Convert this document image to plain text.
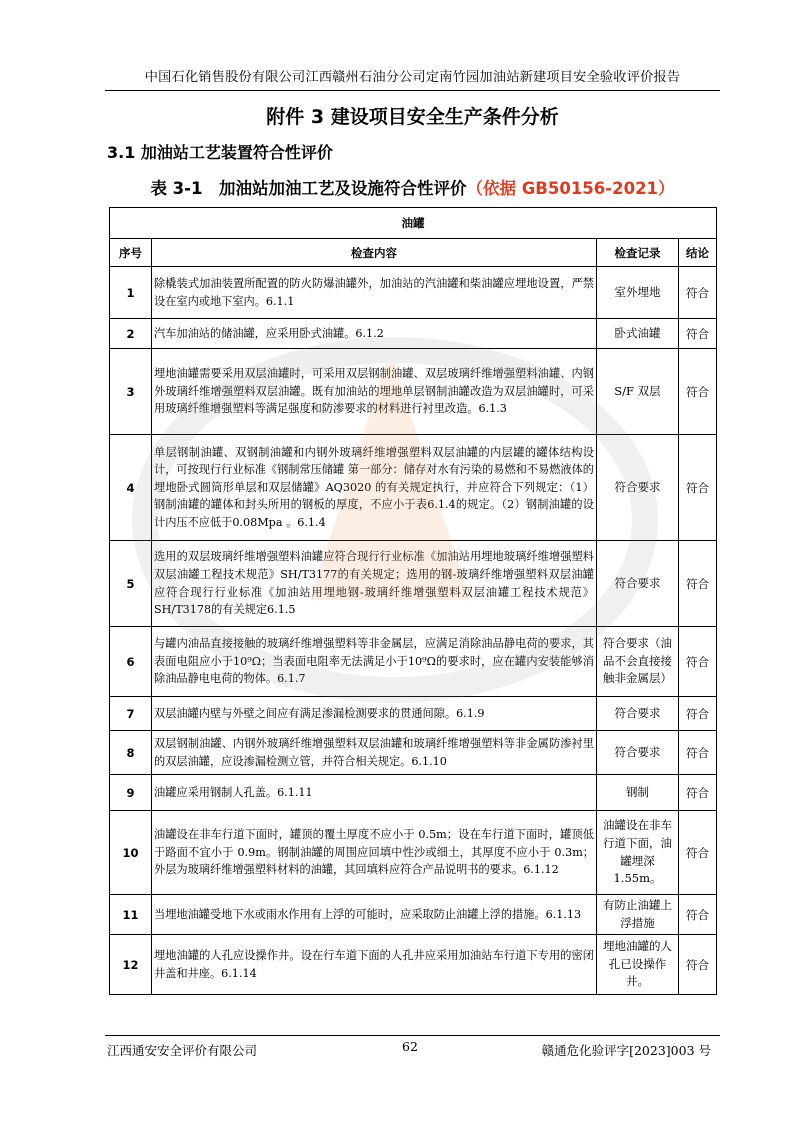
中国石化销售股份有限公司江西赣州石油分公司定南竹园加油站新建项目安全验收评价报告
附件 3 建设项目安全生产条件分析
3.1 加油站工艺装置符合性评价
表 3-1　加油站加油工艺及设施符合性评价（依据 GB50156-2021）
油罐			
序号	检查内容	检查记录	结论
1	除橇装式加油装置所配置的防火防爆油罐外，加油站的汽油罐和柴油罐应埋地设置，严禁设在室内或地下室内。6.1.1	室外埋地	符合
2	汽车加油站的储油罐，应采用卧式油罐。6.1.2	卧式油罐	符合
3	埋地油罐需要采用双层油罐时，可采用双层钢制油罐、双层玻璃纤维增强塑料油罐、内钢外玻璃纤维增强塑料双层油罐。既有加油站的埋地单层钢制油罐改造为双层油罐时，可采用玻璃纤维增强塑料等满足强度和防渗要求的材料进行衬里改造。6.1.3	S/F 双层	符合
4	单层钢制油罐、双钢制油罐和内钢外玻璃纤维增强塑料双层油罐的内层罐的罐体结构设计，可按现行行业标准《钢制常压储罐 第一部分：储存对水有污染的易燃和不易燃液体的埋地卧式圆筒形单层和双层储罐》AQ3020 的有关规定执行，并应符合下列规定：（1）钢制油罐的罐体和封头所用的钢板的厚度，不应小于表6.1.4的规定。（2）钢制油罐的设计内压不应低于0.08Mpa 。6.1.4	符合要求	符合
5	选用的双层玻璃纤维增强塑料油罐应符合现行行业标准《加油站用埋地玻璃纤维增强塑料双层油罐工程技术规范》SH/T3177的有关规定；选用的钢-玻璃纤维增强塑料双层油罐应符合现行行业标准《加油站用埋地钢-玻璃纤维增强塑料双层油罐工程技术规范》SH/T3178的有关规定6.1.5	符合要求	符合
6	与罐内油品直接接触的玻璃纤维增强塑料等非金属层，应满足消除油品静电荷的要求，其表面电阻应小于10⁹Ω；当表面电阻率无法满足小于10⁹Ω的要求时，应在罐内安装能够消除油品静电电荷的物体。6.1.7	符合要求（油品不会直接接触非金属层）	符合
7	双层油罐内壁与外壁之间应有满足渗漏检测要求的贯通间隙。6.1.9	符合要求	符合
8	双层钢制油罐、内钢外玻璃纤维增强塑料双层油罐和玻璃纤维增强塑料等非金属防渗衬里的双层油罐，应设渗漏检测立管，并符合相关规定。6.1.10	符合要求	符合
9	油罐应采用钢制人孔盖。6.1.11	钢制	符合
10	油罐设在非车行道下面时，罐顶的覆土厚度不应小于 0.5m；设在车行道下面时，罐顶低于路面不宜小于 0.9m。钢制油罐的周围应回填中性沙或细土，其厚度不应小于 0.3m；外层为玻璃纤维增强塑料材料的油罐，其回填料应符合产品说明书的要求。6.1.12	油罐设在非车行道下面，油罐埋深1.55m。	符合
11	当埋地油罐受地下水或雨水作用有上浮的可能时，应采取防止油罐上浮的措施。6.1.13	有防止油罐上浮措施	符合
12	埋地油罐的人孔应设操作井。设在行车道下面的人孔井应采用加油站车行道下专用的密闭井盖和井座。6.1.14	埋地油罐的人孔已设操作井。	符合
江西通安安全评价有限公司	62	赣通危化验评字[2023]003 号
